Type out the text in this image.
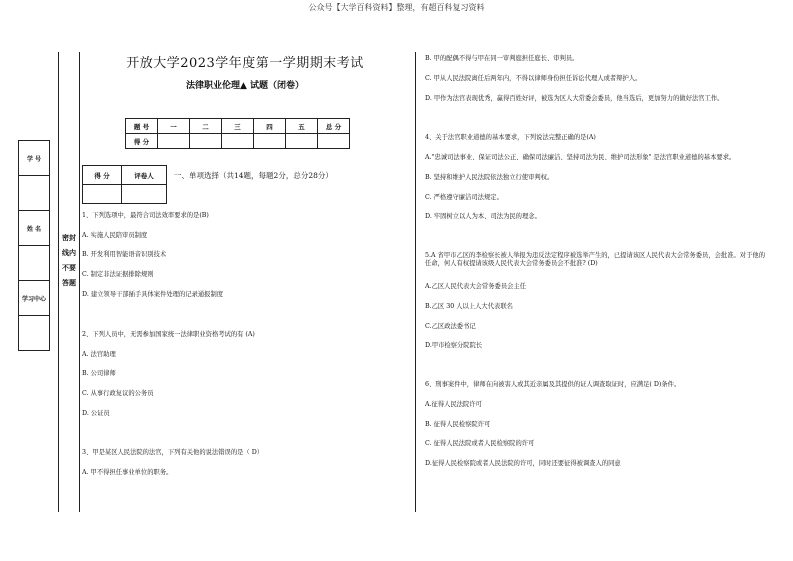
公众号【大学百科资料】整理，有超百科复习资料
开放大学2023学年度第一学期期末考试
法律职业伦理▲ 试题（闭卷）
题 号	一	二	三	四	五	总 分
得 分						
得 分	评卷人

学 号

姓 名

学习中心

密封线内不要答题
一、单项选择（共14题，每题2分，总分28分）
1、下列选项中，最符合司法效率要求的是(B)
A. 实施人民陪审员制度
B. 开发利用智能语音识别技术
C. 制定非法证据排除规则
D. 建立领导干部插手具体案件处理的记录通报制度
2、下列人员中，无需参加国家统一法律职业资格考试的有 (A)
A. 法官助理
B. 公司律师
C. 从事行政复议的公务员
D. 公证员
3、甲是某区人民法院的法官，下列有关他的说法错误的是（ D）
A. 甲不得担任事业单位的职务。
B. 甲的配偶不得与甲在同一审判庭担任庭长、审判员。
C. 甲从人民法院离任后两年内，不得以律师身份担任诉讼代理人或者辩护人。
D. 甲作为法官表现优秀，赢得百姓好评，被选为区人大常委会委员，他当选后，更加努力的做好法官工作。
4、关于法官职业道德的基本要求，下列说法完整正确的是(A)
A."忠诚司法事业、保证司法公正、确保司法廉洁、坚持司法为民、维护司法形象" 是法官职业道德的基本要求。
B. 坚持和维护人民法院依法独立行使审判权。
C. 严格遵守廉洁司法规定。
D. 牢固树立以人为本、司法为民的理念。
5.A 省甲市乙区的李检察长被人举报为违反法定程序被选举产生的，已提请该区人民代表大会常务委员，会批准。对于他的任命，何人有权提请该级人民代表大会常务委员会不批准? (D)
A.乙区人民代表大会常务委员会主任
B.乙区 30 人以上人大代表联名
C.乙区政法委书记
D.甲市检察分院院长
6、刑事案件中，律师在向被害人或其近亲属及其提供的证人调查取证时，应满足( D)条件。
A.征得人民法院许可
B. 征得人民检察院许可
C. 征得人民法院或者人民检察院的许可
D.征得人民检察院或者人民法院的许可，同时还要征得被调查人的同意
